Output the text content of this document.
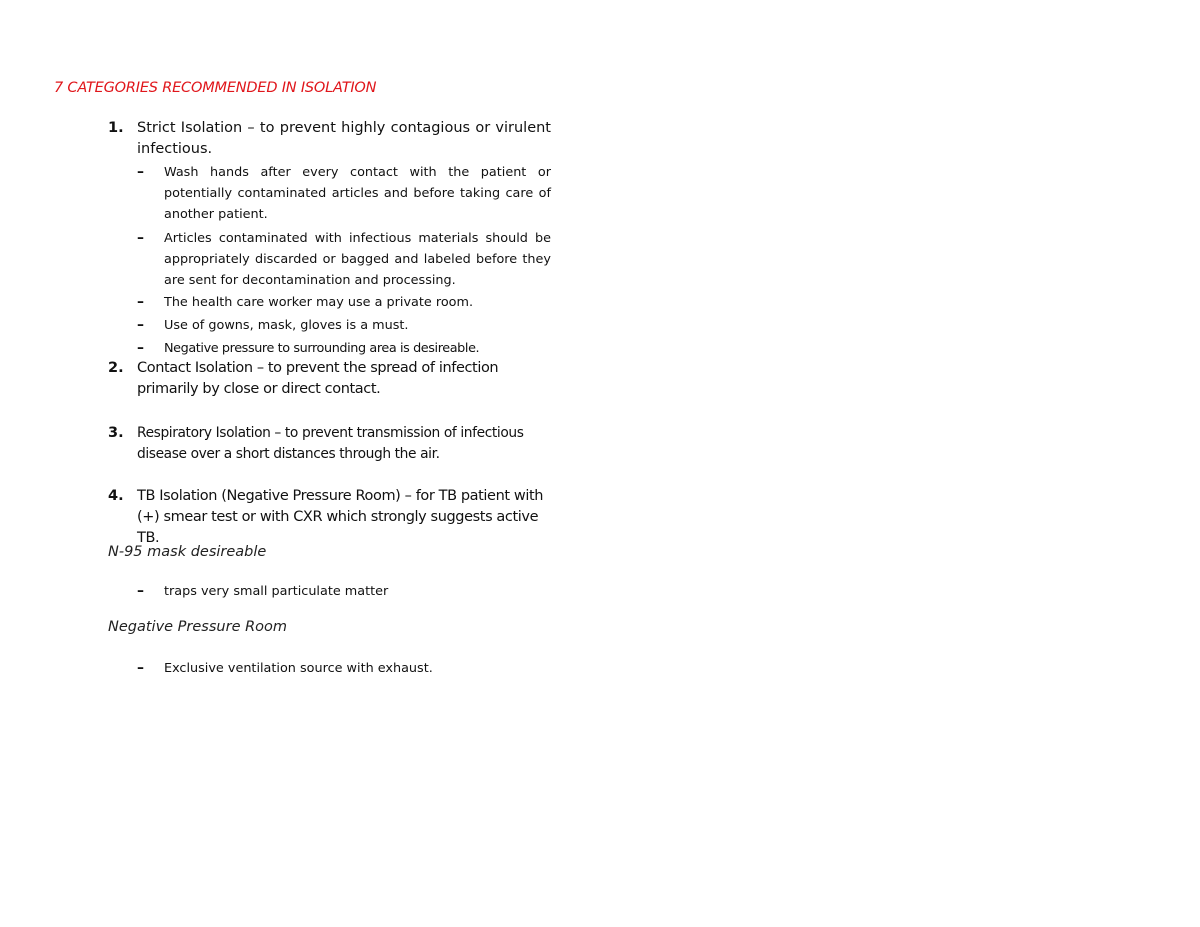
7 CATEGORIES RECOMMENDED IN ISOLATION
1. Strict Isolation – to prevent highly contagious or virulent infectious.
– Wash hands after every contact with the patient or potentially contaminated articles and before taking care of another patient.
– Articles contaminated with infectious materials should be appropriately discarded or bagged and labeled before they are sent for decontamination and processing.
– The health care worker may use a private room.
– Use of gowns, mask, gloves is a must.
– Negative pressure to surrounding area is desireable.
2. Contact Isolation – to prevent the spread of infection primarily by close or direct contact.
3. Respiratory Isolation – to prevent transmission of infectious disease over a short distances through the air.
4. TB Isolation (Negative Pressure Room) – for TB patient with (+) smear test or with CXR which strongly suggests active TB.
N-95 mask desireable
– traps very small particulate matter
Negative Pressure Room
– Exclusive ventilation source with exhaust.
